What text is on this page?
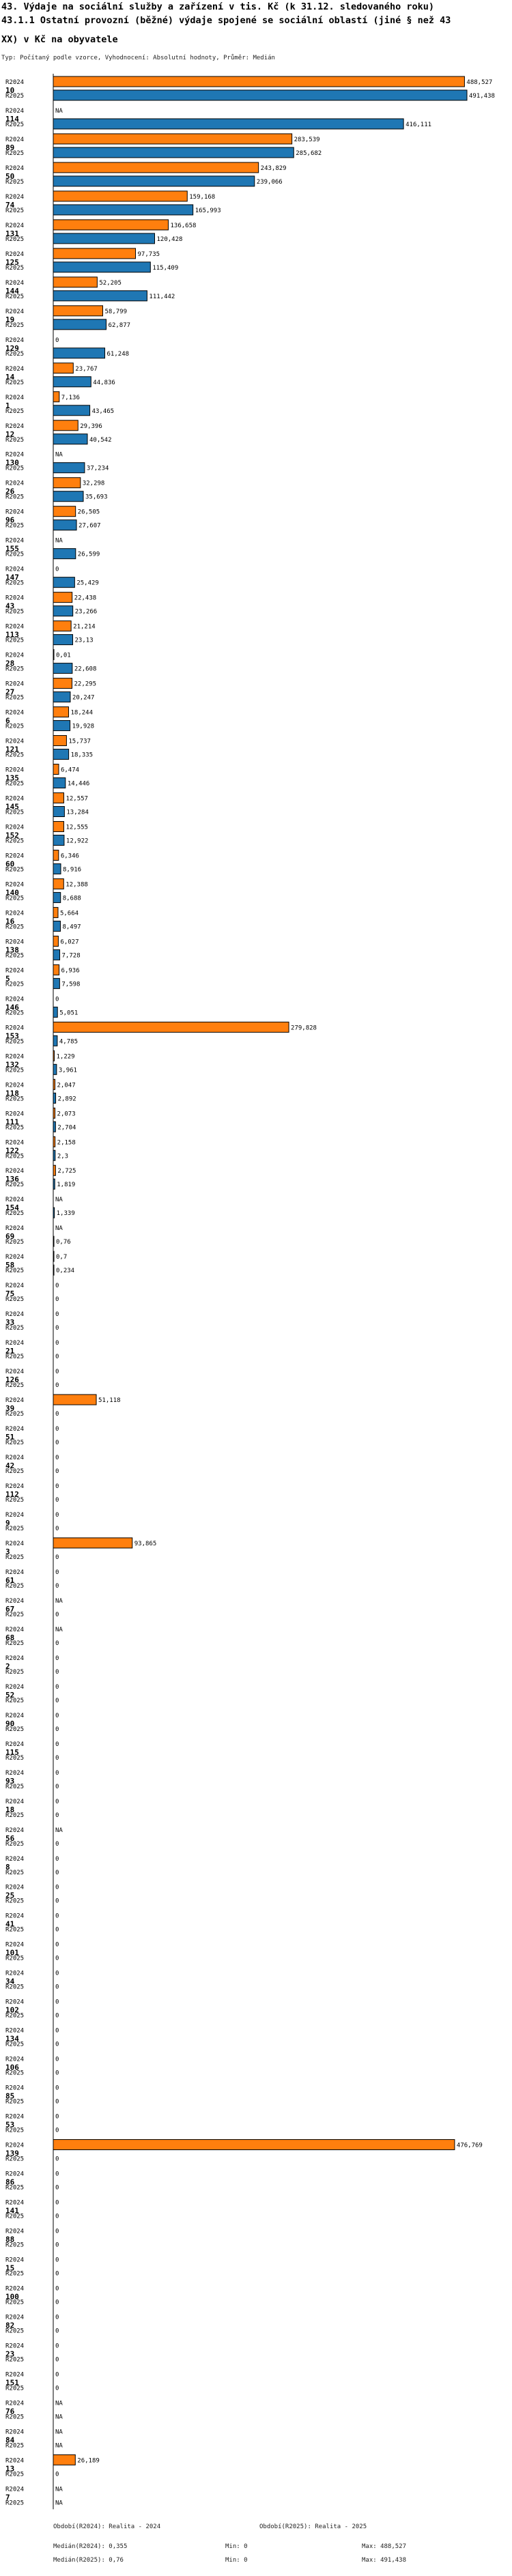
43. Výdaje na sociální služby a zařízení v tis. Kč (k 31.12. sledovaného roku)
43.1.1 Ostatní provozní (běžné) výdaje spojené se sociální oblastí (jiné § než 43
XX) v Kč na obyvatele
Typ: Počítaný podle vzorce, Vyhodnocení: Absolutní hodnoty, Průměr: Medián
10
R2024	488,527
R2025	491,438
114
R2024	NA
R2025	416,111
89
R2024	283,539
R2025	285,682
50
R2024	243,829
R2025	239,066
74
R2024	159,168
R2025	165,993
131
R2024	136,658
R2025	120,428
125
R2024	97,735
R2025	115,409
144
R2024	52,205
R2025	111,442
19
R2024	58,799
R2025	62,877
129
R2024	0
R2025	61,248
14
R2024	23,767
R2025	44,836
1
R2024	7,136
R2025	43,465
12
R2024	29,396
R2025	40,542
130
R2024	NA
R2025	37,234
26
R2024	32,298
R2025	35,693
96
R2024	26,505
R2025	27,607
155
R2024	NA
R2025	26,599
147
R2024	0
R2025	25,429
43
R2024	22,438
R2025	23,266
113
R2024	21,214
R2025	23,13
28
R2024	0,01
R2025	22,608
27
R2024	22,295
R2025	20,247
6
R2024	18,244
R2025	19,928
121
R2024	15,737
R2025	18,335
135
R2024	6,474
R2025	14,446
145
R2024	12,557
R2025	13,284
152
R2024	12,555
R2025	12,922
60
R2024	6,346
R2025	8,916
140
R2024	12,388
R2025	8,688
16
R2024	5,664
R2025	8,497
138
R2024	6,027
R2025	7,728
5
R2024	6,936
R2025	7,598
146
R2024	0
R2025	5,051
153
R2024	279,828
R2025	4,785
132
R2024	1,229
R2025	3,961
118
R2024	2,047
R2025	2,892
111
R2024	2,073
R2025	2,704
122
R2024	2,158
R2025	2,3
136
R2024	2,725
R2025	1,819
154
R2024	NA
R2025	1,339
69
R2024	NA
R2025	0,76
58
R2024	0,7
R2025	0,234
75
R2024	0
R2025	0
33
R2024	0
R2025	0
21
R2024	0
R2025	0
126
R2024	0
R2025	0
39
R2024	51,118
R2025	0
51
R2024	0
R2025	0
42
R2024	0
R2025	0
112
R2024	0
R2025	0
9
R2024	0
R2025	0
3
R2024	93,865
R2025	0
61
R2024	0
R2025	0
67
R2024	NA
R2025	0
68
R2024	NA
R2025	0
2
R2024	0
R2025	0
52
R2024	0
R2025	0
90
R2024	0
R2025	0
115
R2024	0
R2025	0
93
R2024	0
R2025	0
18
R2024	0
R2025	0
56
R2024	NA
R2025	0
8
R2024	0
R2025	0
25
R2024	0
R2025	0
41
R2024	0
R2025	0
101
R2024	0
R2025	0
34
R2024	0
R2025	0
102
R2024	0
R2025	0
134
R2024	0
R2025	0
106
R2024	0
R2025	0
85
R2024	0
R2025	0
53
R2024	0
R2025	0
139
R2024	476,769
R2025	0
86
R2024	0
R2025	0
141
R2024	0
R2025	0
88
R2024	0
R2025	0
15
R2024	0
R2025	0
100
R2024	0
R2025	0
82
R2024	0
R2025	0
23
R2024	0
R2025	0
151
R2024	0
R2025	0
76
R2024	NA
R2025	NA
84
R2024	NA
R2025	NA
13
R2024	26,189
R2025	0
7
R2024	NA
R2025	NA
Období(R2024): Realita - 2024	Období(R2025): Realita - 2025
Medián(R2024): 0,355	Min: 0	Max: 488,527
Medián(R2025): 0,76	Min: 0	Max: 491,438
